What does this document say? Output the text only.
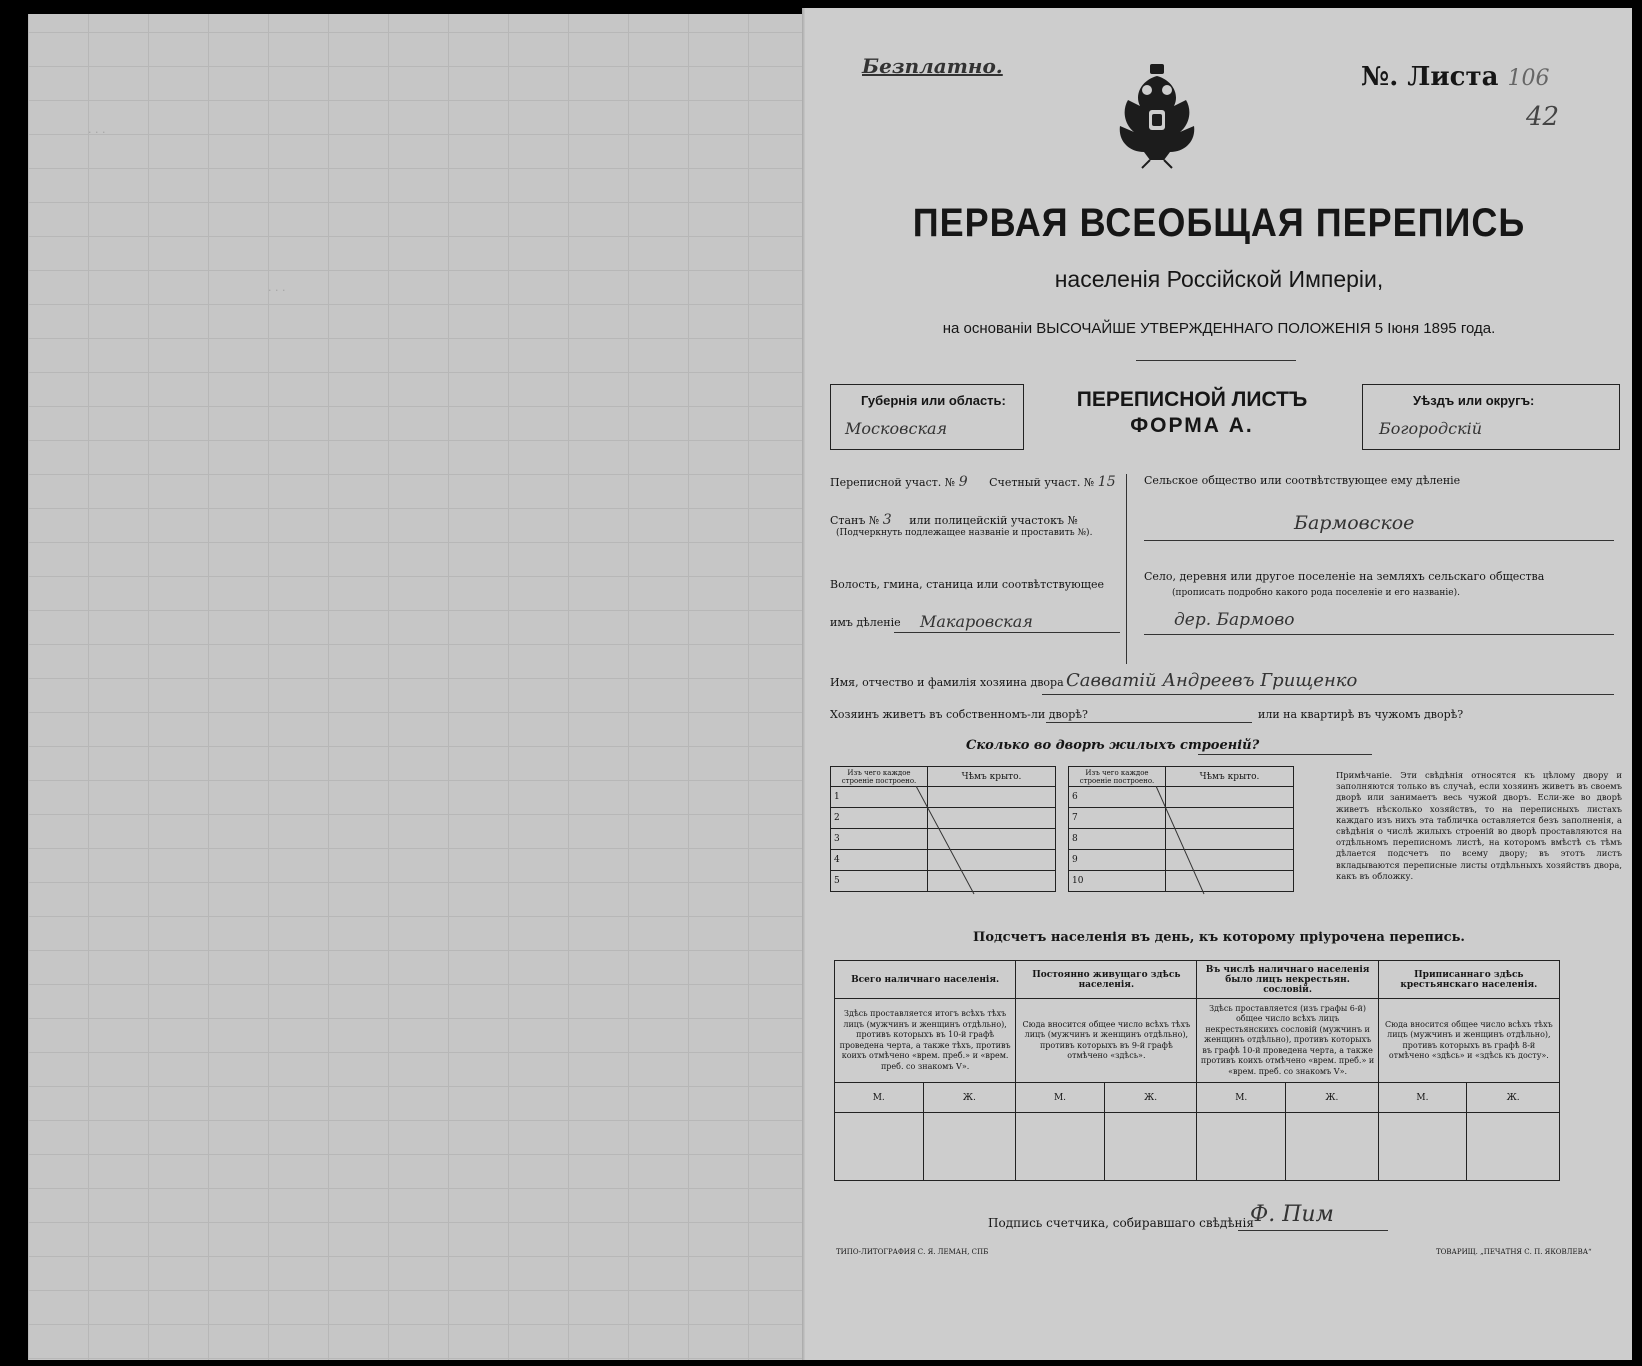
· · ·
· · ·
Безплатно.	№. Листа 106
42
ПЕРВАЯ ВСЕОБЩАЯ ПЕРЕПИСЬ
населенія Россійской Имперіи,
на основаніи ВЫСОЧАЙШЕ УТВЕРЖДЕННАГО ПОЛОЖЕНІЯ 5 Іюня 1895 года.
Губернія или область:
Московская
ПЕРЕПИСНОЙ ЛИСТЪ
ФОРМА А.
Уѣздъ или округъ:
Богородскій
Переписной участ. № 9 Счетный участ. № 15
Станъ № 3 или полицейскій участокъ №
(Подчеркнуть подлежащее названіе и проставить №).
Волость, гмина, станица или соотвѣтствующее
имъ дѣленіе Макаровская
Сельское общество или соотвѣтствующее ему дѣленіе
Бармовское
Село, деревня или другое поселеніе на земляхъ сельскаго общества
(прописать подробно какого рода поселеніе и его названіе).
дер. Бармово
Имя, отчество и фамилія хозяина двора Савватій Андреевъ Грищенко
Хозяинъ живетъ въ собственномъ-ли дворѣ?	или на квартирѣ въ чужомъ дворѣ?
Сколько во дворѣ жилыхъ строеній?
Изъ чего каждое строеніе построено.	Чѣмъ крыто.
1	
2	
3	
4	
5	
Изъ чего каждое строеніе построено.	Чѣмъ крыто.
6	
7	
8	
9	
10	
Примѣчаніе. Эти свѣдѣнія относятся къ цѣлому двору и заполняются только въ случаѣ, если хозяинъ живетъ въ своемъ дворѣ или занимаетъ весь чужой дворъ. Если-же во дворѣ живетъ нѣсколько хозяйствъ, то на переписныхъ листахъ каждаго изъ нихъ эта табличка оставляется безъ заполненія, а свѣдѣнія о числѣ жилыхъ строеній во дворѣ проставляются на отдѣльномъ переписномъ листѣ, на которомъ вмѣстѣ съ тѣмъ дѣлается подсчетъ по всему двору; въ этотъ листъ вкладываются переписные листы отдѣльныхъ хозяйствъ двора, какъ въ обложку.
Подсчетъ населенія въ день, къ которому пріурочена перепись.
Всего наличнаго населенія.		Постоянно живущаго здѣсь населенія.		Въ числѣ наличнаго населенія было лицъ некрестьян. сословій.		Приписаннаго здѣсь крестьянскаго населенія.	
Здѣсь проставляется итогъ всѣхъ тѣхъ лицъ (мужчинъ и женщинъ отдѣльно), противъ которыхъ въ 10-й графѣ проведена черта, а также тѣхъ, противъ коихъ отмѣчено «врем. преб.» и «врем. преб. со знакомъ V».		Сюда вносится общее число всѣхъ тѣхъ лицъ (мужчинъ и женщинъ отдѣльно), противъ которыхъ въ 9-й графѣ отмѣчено «здѣсь».		Здѣсь проставляется (изъ графы 6-й) общее число всѣхъ лицъ некрестьянскихъ сословій (мужчинъ и женщинъ отдѣльно), противъ которыхъ въ графѣ 10-й проведена черта, а также противъ коихъ отмѣчено «врем. преб.» и «врем. преб. со знакомъ V».		Сюда вносится общее число всѣхъ тѣхъ лицъ (мужчинъ и женщинъ отдѣльно), противъ которыхъ въ графѣ 8-й отмѣчено «здѣсь» и «здѣсь къ досту».	
М.	Ж.	М.	Ж.	М.	Ж.	М.	Ж.

Подпись счетчика, собиравшаго свѣдѣнія
Ф. Пим
ТИПО-ЛИТОГРАФИЯ С. Я. ЛЕМАН, СПБ	ТОВАРИЩ. „ПЕЧАТНЯ С. П. ЯКОВЛЕВА“
